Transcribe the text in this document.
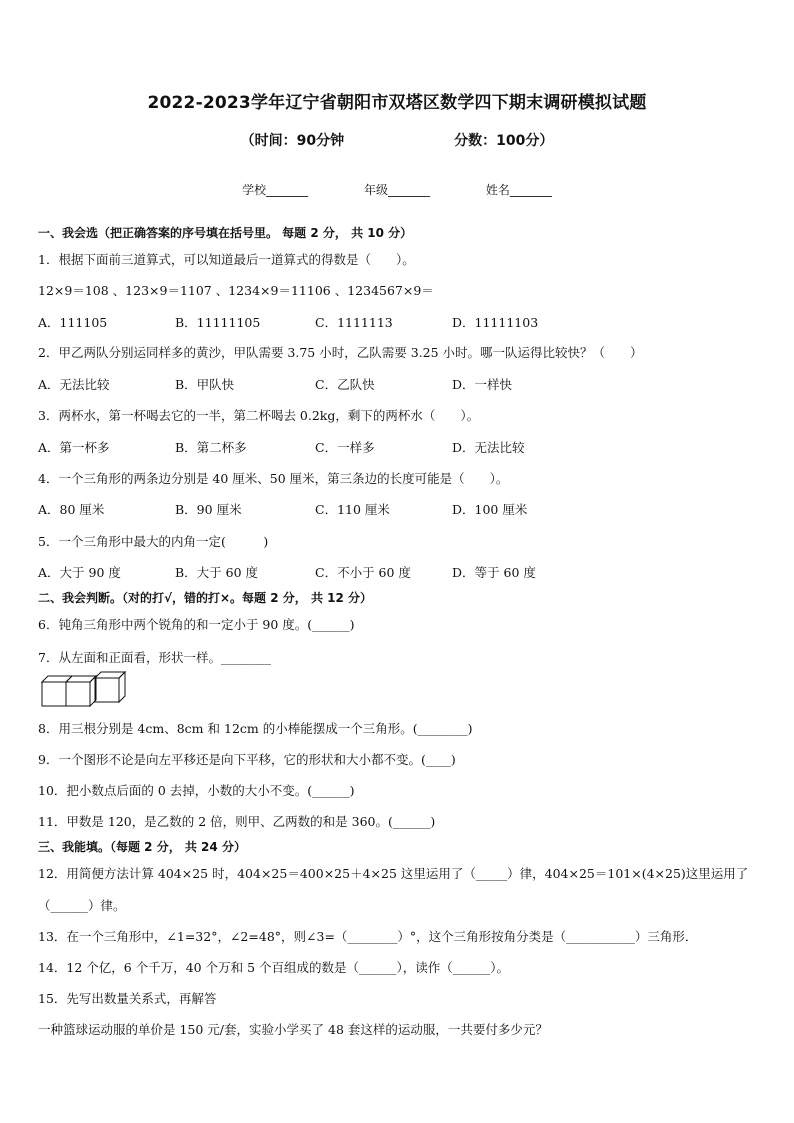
2022-2023学年辽宁省朝阳市双塔区数学四下期末调研模拟试题
（时间：90分钟	分数：100分）
学校_______	年级_______	姓名_______
一、我会选（把正确答案的序号填在括号里。 每题 2 分， 共 10 分）
1．根据下面前三道算式，可以知道最后一道算式的得数是（　　）。
12×9＝108 、123×9＝1107 、1234×9＝11106 、1234567×9＝
A．111105	B．11111105	C．1111113	D．11111103
2．甲乙两队分别运同样多的黄沙，甲队需要 3.75 小时，乙队需要 3.25 小时。哪一队运得比较快？（　　）
A．无法比较	B．甲队快	C．乙队快	D．一样快
3．两杯水，第一杯喝去它的一半，第二杯喝去 0.2kg，剩下的两杯水（　　）。
A．第一杯多	B．第二杯多	C．一样多	D．无法比较
4．一个三角形的两条边分别是 40 厘米、50 厘米，第三条边的长度可能是（　　）。
A．80 厘米	B．90 厘米	C．110 厘米	D．100 厘米
5．一个三角形中最大的内角一定(　　　)
A．大于 90 度	B．大于 60 度	C．不小于 60 度	D．等于 60 度
二、我会判断。（对的打√，错的打×。每题 2 分， 共 12 分）
6．钝角三角形中两个锐角的和一定小于 90 度。(______)
7．从左面和正面看，形状一样。________
8．用三根分别是 4cm、8cm 和 12cm 的小棒能摆成一个三角形。(________)
9．一个图形不论是向左平移还是向下平移，它的形状和大小都不变。(____)
10．把小数点后面的 0 去掉，小数的大小不变。(______)
11．甲数是 120，是乙数的 2 倍，则甲、乙两数的和是 360。(______)
三、我能填。（每题 2 分， 共 24 分）
12．用简便方法计算 404×25 时，404×25＝400×25＋4×25 这里运用了（_____）律，404×25＝101×(4×25)这里运用了
（______）律。
13．在一个三角形中，∠1=32°，∠2=48°，则∠3=（________）°，这个三角形按角分类是（___________）三角形．
14．12 个亿，6 个千万，40 个万和 5 个百组成的数是（______），读作（______）。
15．先写出数量关系式，再解答
一种篮球运动服的单价是 150 元/套，实验小学买了 48 套这样的运动服，一共要付多少元？
